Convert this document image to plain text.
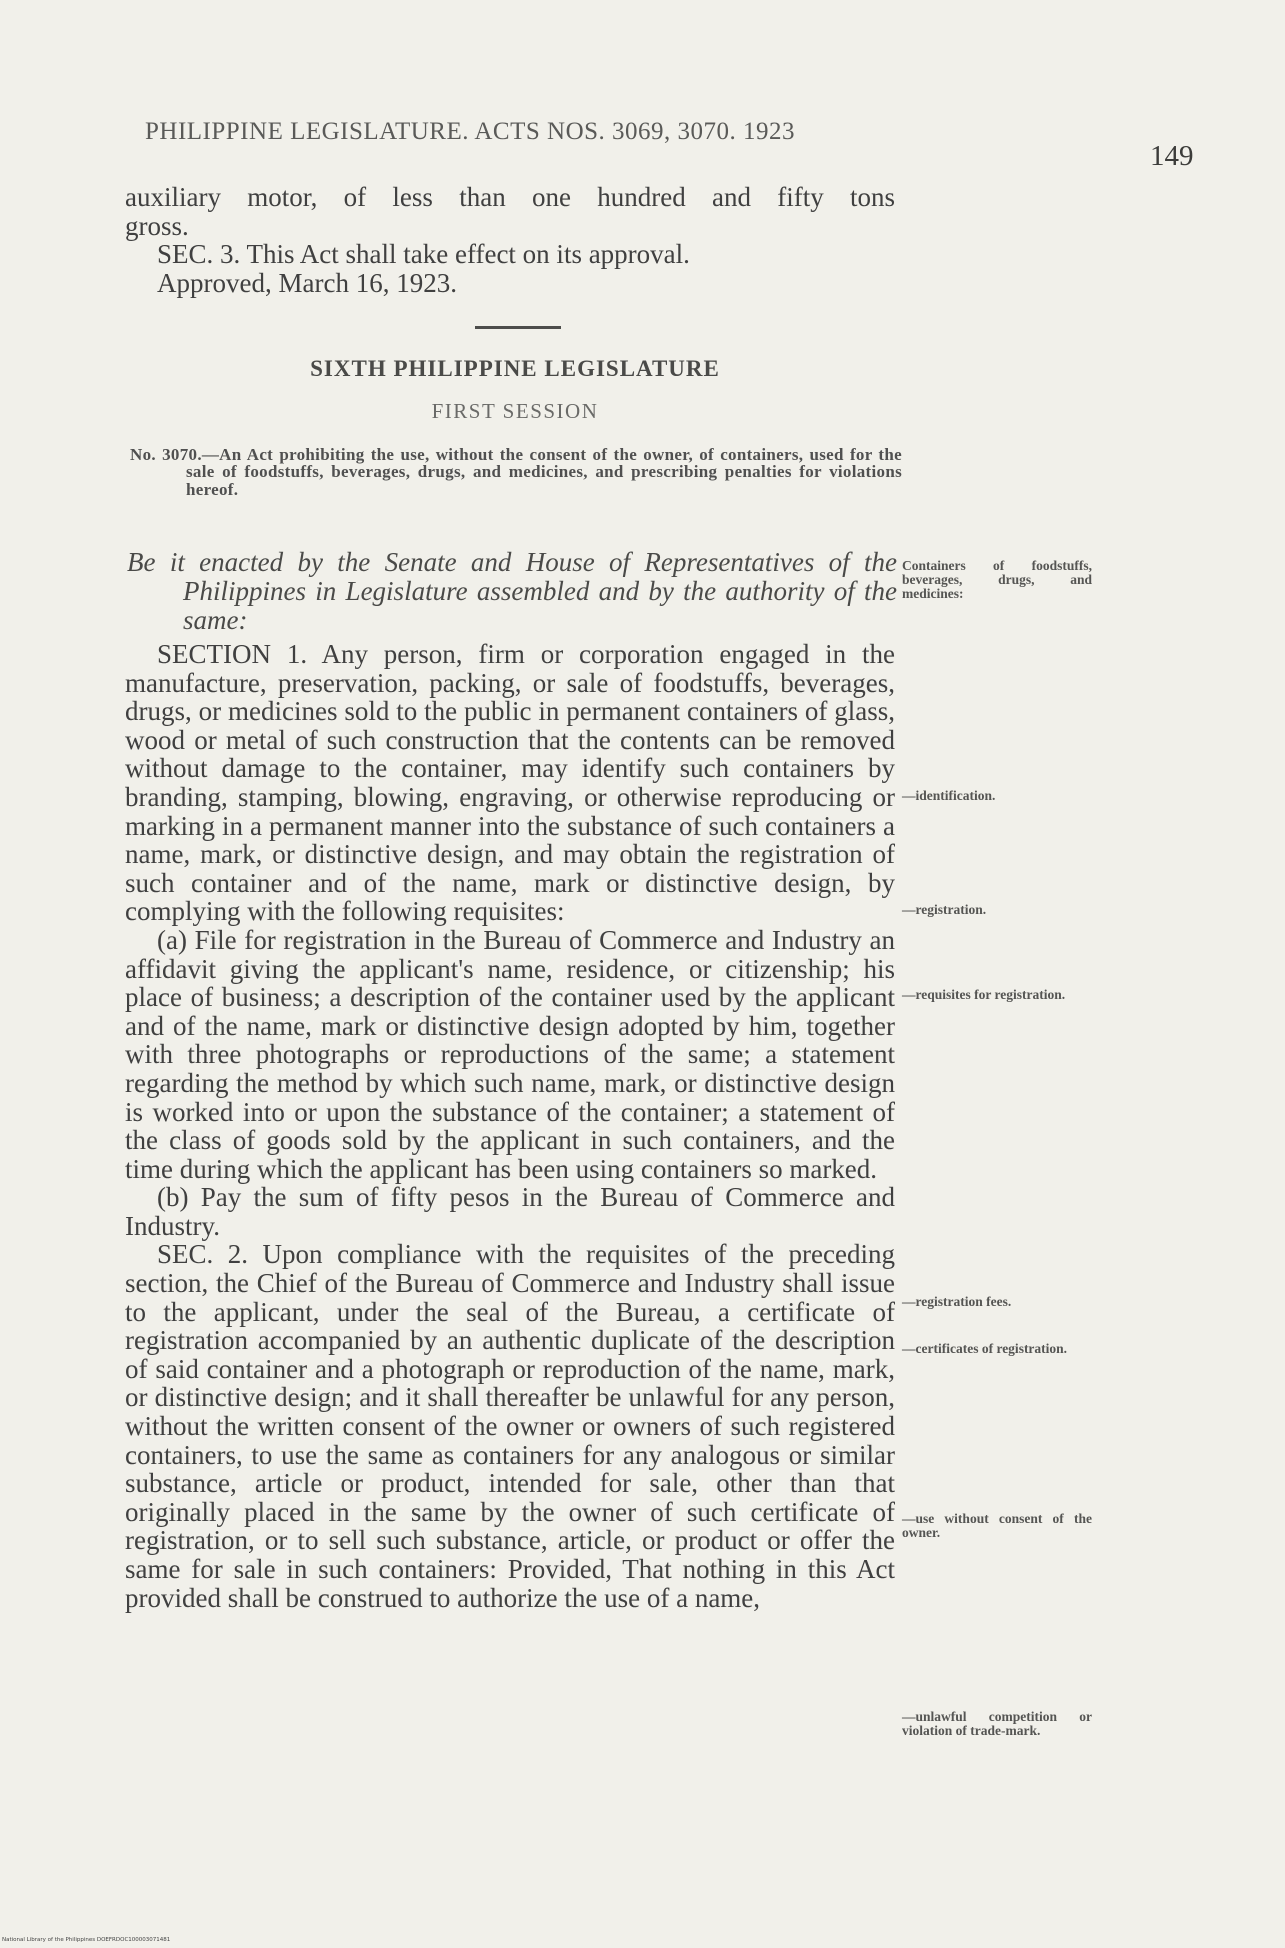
PHILIPPINE LEGISLATURE. ACTS NOS. 3069, 3070. 1923
149

auxiliary motor, of less than one hundred and fifty tons

gross.

SEC. 3. This Act shall take effect on its approval.

Approved, March 16, 1923.

SIXTH PHILIPPINE LEGISLATURE
FIRST SESSION
No. 3070.—An Act prohibiting the use, without the consent of the owner, of containers, used for the sale of foodstuffs, beverages, drugs, and medicines, and prescribing penalties for violations hereof.
Be it enacted by the Senate and House of Representatives of the Philippines in Legislature assembled and by the authority of the same:

SECTION 1. Any person, firm or corporation engaged in the manufacture, preservation, packing, or sale of foodstuffs, beverages, drugs, or medicines sold to the public in permanent containers of glass, wood or metal of such construction that the contents can be removed without damage to the container, may identify such containers by branding, stamping, blowing, engraving, or otherwise reproducing or marking in a permanent manner into the substance of such containers a name, mark, or distinctive design, and may obtain the registration of such container and of the name, mark or distinctive design, by complying with the following requisites:

(a) File for registration in the Bureau of Commerce and Industry an affidavit giving the applicant's name, residence, or citizenship; his place of business; a description of the container used by the applicant and of the name, mark or distinctive design adopted by him, together with three photographs or reproductions of the same; a statement regarding the method by which such name, mark, or distinctive design is worked into or upon the substance of the container; a statement of the class of goods sold by the applicant in such containers, and the time during which the applicant has been using containers so marked.

(b) Pay the sum of fifty pesos in the Bureau of Commerce and Industry.

SEC. 2. Upon compliance with the requisites of the preceding section, the Chief of the Bureau of Commerce and Industry shall issue to the applicant, under the seal of the Bureau, a certificate of registration accompanied by an authentic duplicate of the description of said container and a photograph or reproduction of the name, mark, or distinctive design; and it shall thereafter be unlawful for any person, without the written consent of the owner or owners of such registered containers, to use the same as containers for any analogous or similar substance, article or product, intended for sale, other than that originally placed in the same by the owner of such certificate of registration, or to sell such substance, article, or product or offer the same for sale in such containers: Provided, That nothing in this Act provided shall be construed to authorize the use of a name,

Containers of foodstuffs, beverages, drugs, and medicines:
—identification.
—registration.
—requisites for registration.
—registration fees.
—certificates of registration.
—use without consent of the owner.
—unlawful competition or violation of trade-mark.
National Library of the Philippines DOEFRDOC100003071481
